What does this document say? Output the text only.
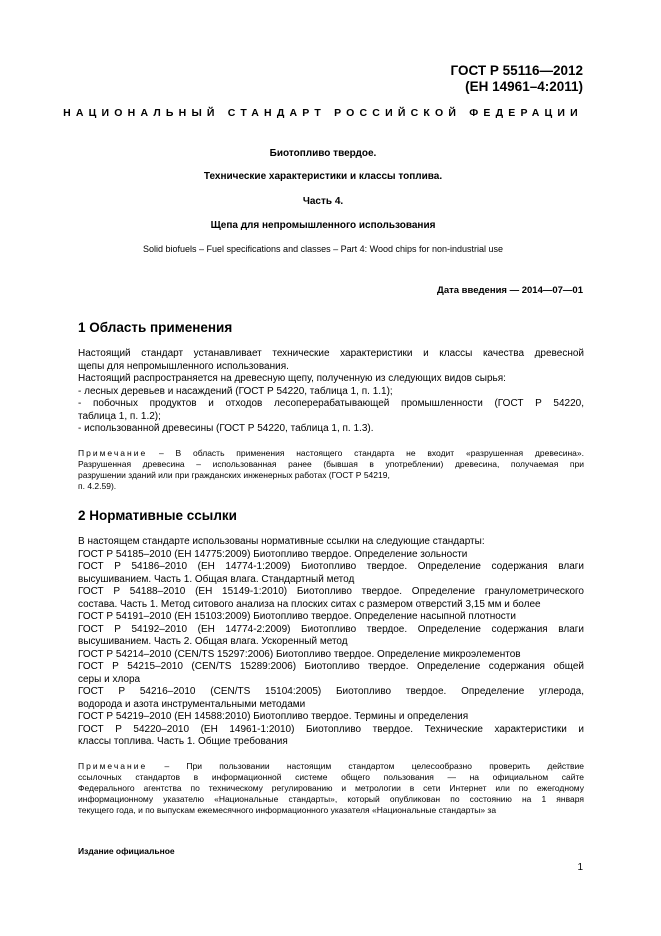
ГОСТ Р 55116—2012
(ЕН 14961–4:2011)
НАЦИОНАЛЬНЫЙ СТАНДАРТ РОССИЙСКОЙ ФЕДЕРАЦИИ
Биотопливо твердое.
Технические характеристики и классы топлива.
Часть 4.
Щепа для непромышленного использования
Solid biofuels – Fuel specifications and classes – Part 4: Wood chips for non-industrial use
Дата введения — 2014—07—01
1 Область применения

Настоящий стандарт устанавливает технические характеристики и классы качества древесной

щепы для непромышленного использования.

Настоящий распространяется на древесную щепу, полученную из следующих видов сырья:

- лесных деревьев и насаждений (ГОСТ Р 54220, таблица 1, п. 1.1);

- побочных продуктов и отходов лесоперерабатывающей промышленности (ГОСТ Р 54220,

таблица 1, п. 1.2);

- использованной древесины (ГОСТ Р 54220, таблица 1, п. 1.3).

Примечание – В область применения настоящего стандарта не входит «разрушенная древесина».

Разрушенная древесина – использованная ранее (бывшая в употреблении) древесина, получаемая при

разрушении зданий или при гражданских инженерных работах (ГОСТ Р 54219,

п. 4.2.59).

2 Нормативные ссылки

В настоящем стандарте использованы нормативные ссылки на следующие стандарты:

ГОСТ Р 54185–2010 (ЕН 14775:2009) Биотопливо твердое. Определение зольности

ГОСТ Р 54186–2010 (ЕН 14774-1:2009) Биотопливо твердое. Определение содержания влаги

высушиванием. Часть 1. Общая влага. Стандартный метод

ГОСТ Р 54188–2010 (ЕН 15149-1:2010) Биотопливо твердое. Определение гранулометрического

состава. Часть 1. Метод ситового анализа на плоских ситах с размером отверстий 3,15 мм и более

ГОСТ Р 54191–2010 (ЕН 15103:2009) Биотопливо твердое. Определение насыпной плотности

ГОСТ Р 54192–2010 (ЕН 14774-2:2009) Биотопливо твердое. Определение содержания влаги

высушиванием. Часть 2. Общая влага. Ускоренный метод

ГОСТ Р 54214–2010 (CEN/TS 15297:2006) Биотопливо твердое. Определение микроэлементов

ГОСТ Р 54215–2010 (CEN/TS 15289:2006) Биотопливо твердое. Определение содержания общей

серы и хлора

ГОСТ Р 54216–2010 (CEN/TS 15104:2005) Биотопливо твердое. Определение углерода,

водорода и азота инструментальными методами

ГОСТ Р 54219–2010 (ЕН 14588:2010) Биотопливо твердое. Термины и определения

ГОСТ Р 54220–2010 (ЕН 14961-1:2010) Биотопливо твердое. Технические характеристики и

классы топлива. Часть 1. Общие требования

Примечание – При пользовании настоящим стандартом целесообразно проверить действие

ссылочных стандартов в информационной системе общего пользования — на официальном сайте

Федерального агентства по техническому регулированию и метрологии в сети Интернет или по ежегодному

информационному указателю «Национальные стандарты», который опубликован по состоянию на 1 января

текущего года, и по выпускам ежемесячного информационного указателя «Национальные стандарты» за

Издание официальное
1
